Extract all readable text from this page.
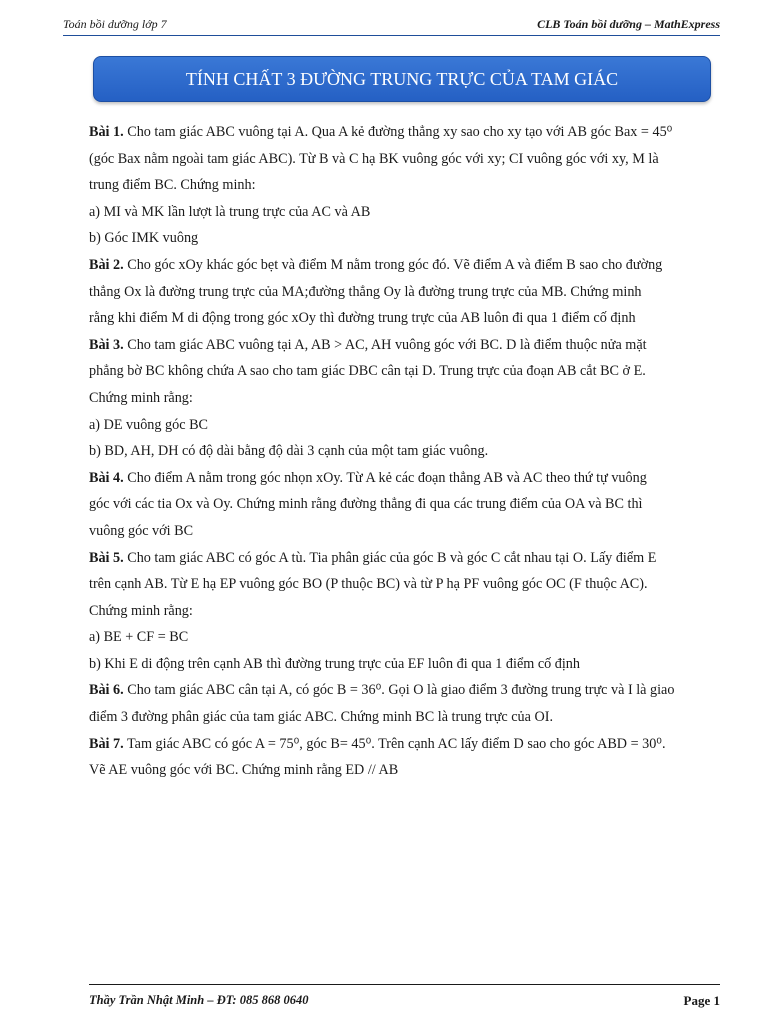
Toán bồi dưỡng lớp 7	CLB Toán bồi dưỡng – MathExpress
TÍNH CHẤT 3 ĐƯỜNG TRUNG TRỰC CỦA TAM GIÁC

Bài 1. Cho tam giác ABC vuông tại A. Qua A kẻ đường thẳng xy sao cho xy tạo với AB góc Bax = 45⁰

(góc Bax nằm ngoài tam giác ABC). Từ B và C hạ BK vuông góc với xy; CI vuông góc với xy, M là

trung điểm BC. Chứng minh:

a) MI và MK lần lượt là trung trực của AC và AB

b) Góc IMK vuông

Bài 2. Cho góc xOy khác góc bẹt và điểm M nằm trong góc đó. Vẽ điểm A và điểm B sao cho đường

thẳng Ox là đường trung trực của MA;đường thẳng Oy là đường trung trực của MB. Chứng minh

rằng khi điểm M di động trong góc xOy thì đường trung trực của AB luôn đi qua 1 điểm cố định

Bài 3. Cho tam giác ABC vuông tại A, AB > AC, AH vuông góc với BC. D là điểm thuộc nửa mặt

phẳng bờ BC không chứa A sao cho tam giác DBC cân tại D. Trung trực của đoạn AB cắt BC ở E.

Chứng minh rằng:

a) DE vuông góc BC

b) BD, AH, DH có độ dài bằng độ dài 3 cạnh của một tam giác vuông.

Bài 4. Cho điểm A nằm trong góc nhọn xOy. Từ A kẻ các đoạn thẳng AB và AC theo thứ tự vuông

góc với các tia Ox và Oy. Chứng minh rằng đường thẳng đi qua các trung điểm của OA và BC thì

vuông góc với BC

Bài 5. Cho tam giác ABC có góc A tù. Tia phân giác của góc B và góc C cắt nhau tại O. Lấy điểm E

trên cạnh AB. Từ E hạ EP vuông góc BO (P thuộc BC) và từ P hạ PF vuông góc OC (F thuộc AC).

Chứng minh rằng:

a) BE + CF = BC

b) Khi E di động trên cạnh AB thì đường trung trực của EF luôn đi qua 1 điểm cố định

Bài 6. Cho tam giác ABC cân tại A, có góc B = 36⁰. Gọi O là giao điểm 3 đường trung trực và I là giao

điểm 3 đường phân giác của tam giác ABC. Chứng minh BC là trung trực của OI.

Bài 7. Tam giác ABC có góc A = 75⁰, góc B= 45⁰. Trên cạnh AC lấy điểm D sao cho góc ABD = 30⁰.

Vẽ AE vuông góc với BC. Chứng minh rằng ED // AB

Thầy Trần Nhật Minh – ĐT: 085 868 0640	Page 1
